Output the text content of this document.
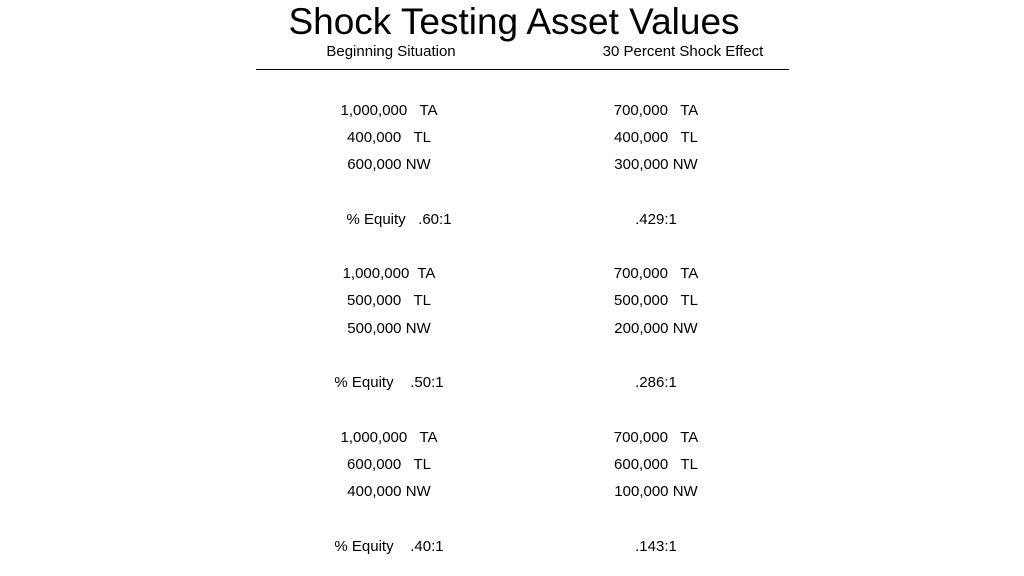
Shock Testing Asset Values
Beginning Situation	30 Percent Shock Effect
1,000,000   TA
400,000   TL
600,000 NW
% Equity   .60:1
700,000   TA
400,000   TL
300,000 NW
.429:1
1,000,000  TA
500,000   TL
500,000 NW
% Equity    .50:1
700,000   TA
500,000   TL
200,000 NW
.286:1
1,000,000   TA
600,000   TL
400,000 NW
% Equity    .40:1
700,000   TA
600,000   TL
100,000 NW
.143:1
